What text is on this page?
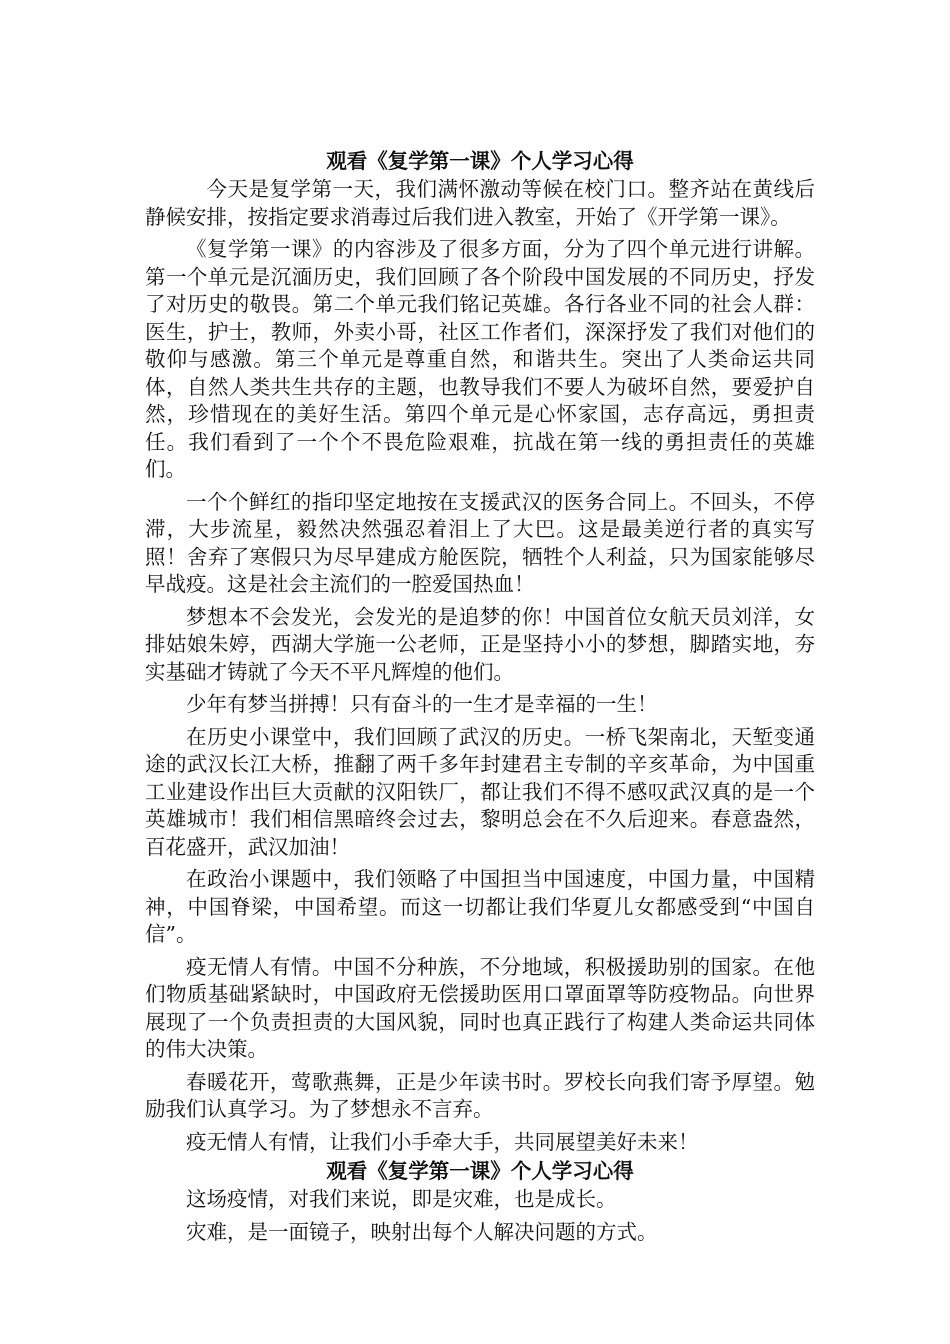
观看《复学第一课》个人学习心得

今天是复学第一天，我们满怀激动等候在校门口。整齐站在黄线后静候安排，按指定要求消毒过后我们进入教室，开始了《开学第一课》。

《复学第一课》的内容涉及了很多方面，分为了四个单元进行讲解。第一个单元是沉湎历史，我们回顾了各个阶段中国发展的不同历史，抒发了对历史的敬畏。第二个单元我们铭记英雄。各行各业不同的社会人群：医生，护士，教师，外卖小哥，社区工作者们，深深抒发了我们对他们的敬仰与感激。第三个单元是尊重自然，和谐共生。突出了人类命运共同体，自然人类共生共存的主题，也教导我们不要人为破坏自然，要爱护自然，珍惜现在的美好生活。第四个单元是心怀家国，志存高远，勇担责任。我们看到了一个个不畏危险艰难，抗战在第一线的勇担责任的英雄们。

一个个鲜红的指印坚定地按在支援武汉的医务合同上。不回头，不停滞，大步流星，毅然决然强忍着泪上了大巴。这是最美逆行者的真实写照！舍弃了寒假只为尽早建成方舱医院，牺牲个人利益，只为国家能够尽早战疫。这是社会主流们的一腔爱国热血！

梦想本不会发光，会发光的是追梦的你！中国首位女航天员刘洋，女排姑娘朱婷，西湖大学施一公老师，正是坚持小小的梦想，脚踏实地，夯实基础才铸就了今天不平凡辉煌的他们。

少年有梦当拼搏！只有奋斗的一生才是幸福的一生！

在历史小课堂中，我们回顾了武汉的历史。一桥飞架南北，天堑变通途的武汉长江大桥，推翻了两千多年封建君主专制的辛亥革命，为中国重工业建设作出巨大贡献的汉阳铁厂，都让我们不得不感叹武汉真的是一个英雄城市！我们相信黑暗终会过去，黎明总会在不久后迎来。春意盎然，百花盛开，武汉加油！

在政治小课题中，我们领略了中国担当中国速度，中国力量，中国精神，中国脊梁，中国希望。而这一切都让我们华夏儿女都感受到“中国自信”。

疫无情人有情。中国不分种族，不分地域，积极援助别的国家。在他们物质基础紧缺时，中国政府无偿援助医用口罩面罩等防疫物品。向世界展现了一个负责担责的大国风貌，同时也真正践行了构建人类命运共同体的伟大决策。

春暖花开，莺歌燕舞，正是少年读书时。罗校长向我们寄予厚望。勉励我们认真学习。为了梦想永不言弃。

疫无情人有情，让我们小手牵大手，共同展望美好未来！

观看《复学第一课》个人学习心得

这场疫情，对我们来说，即是灾难，也是成长。

灾难，是一面镜子，映射出每个人解决问题的方式。
